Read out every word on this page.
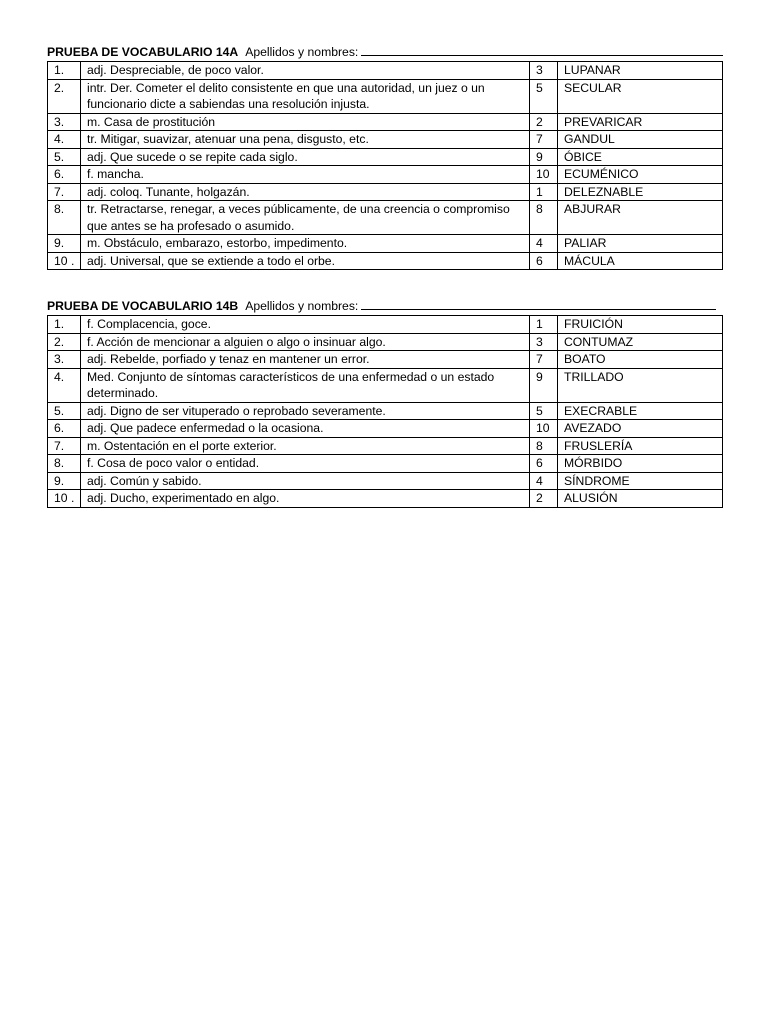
PRUEBA DE VOCABULARIO 14A Apellidos y nombres:
1.	adj. Despreciable, de poco valor.	3	LUPANAR
2.	intr. Der. Cometer el delito consistente en que una autoridad, un juez o un funcionario dicte a sabiendas una resolución injusta.	5	SECULAR
3.	m. Casa de prostitución	2	PREVARICAR
4.	tr. Mitigar, suavizar, atenuar una pena, disgusto, etc.	7	GANDUL
5.	adj. Que sucede o se repite cada siglo.	9	ÓBICE
6.	f. mancha.	10	ECUMÉNICO
7.	adj. coloq. Tunante, holgazán.	1	DELEZNABLE
8.	tr. Retractarse, renegar, a veces públicamente, de una creencia o compromiso que antes se ha profesado o asumido.	8	ABJURAR
9.	m. Obstáculo, embarazo, estorbo, impedimento.	4	PALIAR
10 .	adj. Universal, que se extiende a todo el orbe.	6	MÁCULA
PRUEBA DE VOCABULARIO 14B Apellidos y nombres:
1.	f. Complacencia, goce.	1	FRUICIÓN
2.	f. Acción de mencionar a alguien o algo o insinuar algo.	3	CONTUMAZ
3.	adj. Rebelde, porfiado y tenaz en mantener un error.	7	BOATO
4.	Med. Conjunto de síntomas característicos de una enfermedad o un estado determinado.	9	TRILLADO
5.	adj. Digno de ser vituperado o reprobado severamente.	5	EXECRABLE
6.	adj. Que padece enfermedad o la ocasiona.	10	AVEZADO
7.	m. Ostentación en el porte exterior.	8	FRUSLERÍA
8.	f. Cosa de poco valor o entidad.	6	MÓRBIDO
9.	adj. Común y sabido.	4	SÍNDROME
10 .	adj. Ducho, experimentado en algo.	2	ALUSIÓN
